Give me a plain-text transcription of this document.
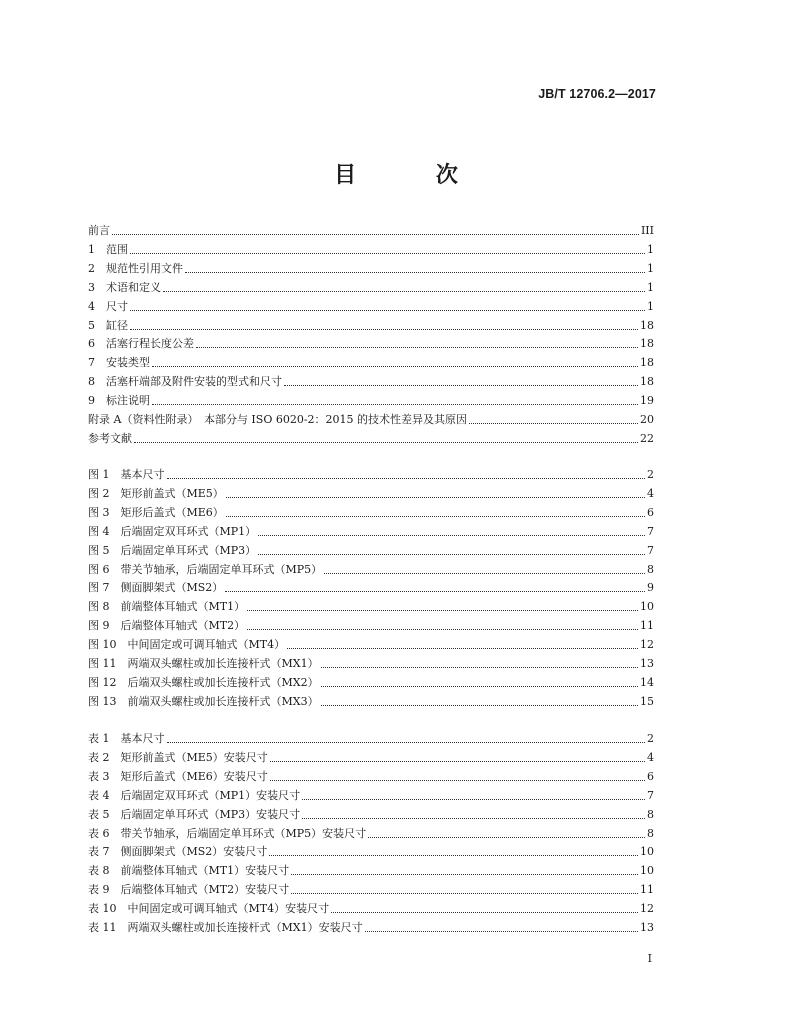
JB/T 12706.2—2017
目 次
前言	III
1　范围	1
2　规范性引用文件	1
3　术语和定义	1
4　尺寸	1
5　缸径	18
6　活塞行程长度公差	18
7　安装类型	18
8　活塞杆端部及附件安装的型式和尺寸	18
9　标注说明	19
附录 A（资料性附录）　本部分与 ISO 6020-2：2015 的技术性差异及其原因	20
参考文献	22
图 1　基本尺寸	2
图 2　矩形前盖式（ME5）	4
图 3　矩形后盖式（ME6）	6
图 4　后端固定双耳环式（MP1）	7
图 5　后端固定单耳环式（MP3）	7
图 6　带关节轴承，后端固定单耳环式（MP5）	8
图 7　侧面脚架式（MS2）	9
图 8　前端整体耳轴式（MT1）	10
图 9　后端整体耳轴式（MT2）	11
图 10　中间固定或可调耳轴式（MT4）	12
图 11　两端双头螺柱或加长连接杆式（MX1）	13
图 12　后端双头螺柱或加长连接杆式（MX2）	14
图 13　前端双头螺柱或加长连接杆式（MX3）	15
表 1　基本尺寸	2
表 2　矩形前盖式（ME5）安装尺寸	4
表 3　矩形后盖式（ME6）安装尺寸	6
表 4　后端固定双耳环式（MP1）安装尺寸	7
表 5　后端固定单耳环式（MP3）安装尺寸	8
表 6　带关节轴承，后端固定单耳环式（MP5）安装尺寸	8
表 7　侧面脚架式（MS2）安装尺寸	10
表 8　前端整体耳轴式（MT1）安装尺寸	10
表 9　后端整体耳轴式（MT2）安装尺寸	11
表 10　中间固定或可调耳轴式（MT4）安装尺寸	12
表 11　两端双头螺柱或加长连接杆式（MX1）安装尺寸	13
I
